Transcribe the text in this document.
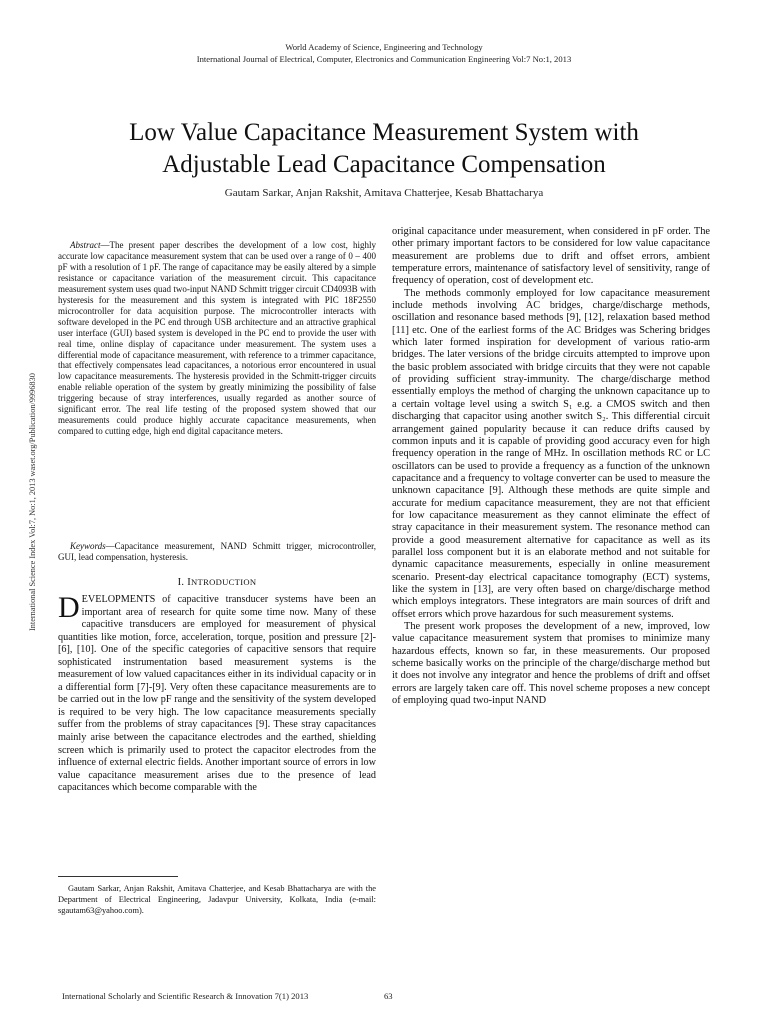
World Academy of Science, Engineering and Technology
International Journal of Electrical, Computer, Electronics and Communication Engineering Vol:7 No:1, 2013
Low Value Capacitance Measurement System with
Adjustable Lead Capacitance Compensation
Gautam Sarkar, Anjan Rakshit, Amitava Chatterjee, Kesab Bhattacharya
International Science Index Vol:7, No:1, 2013 waset.org/Publication/9996830

Abstract—The present paper describes the development of a low cost, highly accurate low capacitance measurement system that can be used over a range of 0 – 400 pF with a resolution of 1 pF. The range of capacitance may be easily altered by a simple resistance or capacitance variation of the measurement circuit. This capacitance measurement system uses quad two-input NAND Schmitt trigger circuit CD4093B with hysteresis for the measurement and this system is integrated with PIC 18F2550 microcontroller for data acquisition purpose. The microcontroller interacts with software developed in the PC end through USB architecture and an attractive graphical user interface (GUI) based system is developed in the PC end to provide the user with real time, online display of capacitance under measurement. The system uses a differential mode of capacitance measurement, with reference to a trimmer capacitance, that effectively compensates lead capacitances, a notorious error encountered in usual low capacitance measurements. The hysteresis provided in the Schmitt-trigger circuits enable reliable operation of the system by greatly minimizing the possibility of false triggering because of stray interferences, usually regarded as another source of significant error. The real life testing of the proposed system showed that our measurements could produce highly accurate capacitance measurements, when compared to cutting edge, high end digital capacitance meters.

Keywords—Capacitance measurement, NAND Schmitt trigger, microcontroller, GUI, lead compensation, hysteresis.

I. INTRODUCTION

DEVELOPMENTS of capacitive transducer systems have been an important area of research for quite some time now. Many of these capacitive transducers are employed for measurement of physical quantities like motion, force, acceleration, torque, position and pressure [2]-[6], [10]. One of the specific categories of capacitive sensors that require sophisticated instrumentation based measurement systems is the measurement of low valued capacitances either in its individual capacity or in a differential form [7]-[9]. Very often these capacitance measurements are to be carried out in the low pF range and the sensitivity of the system developed is required to be very high. The low capacitance measurements specially suffer from the problems of stray capacitances [9]. These stray capacitances mainly arise between the capacitance electrodes and the earthed, shielding screen which is primarily used to protect the capacitor electrodes from the influence of external electric fields. Another important source of errors in low value capacitance measurement arises due to the presence of lead capacitances which become comparable with the

Gautam Sarkar, Anjan Rakshit, Amitava Chatterjee, and Kesab Bhattacharya are with the Department of Electrical Engineering, Jadavpur University, Kolkata, India (e-mail: sgautam63@yahoo.com).

original capacitance under measurement, when considered in pF order. The other primary important factors to be considered for low value capacitance measurement are problems due to drift and offset errors, ambient temperature errors, maintenance of satisfactory level of sensitivity, range of frequency of operation, cost of development etc.

The methods commonly employed for low capacitance measurement include methods involving AC bridges, charge/discharge methods, oscillation and resonance based methods [9], [12], relaxation based method [11] etc. One of the earliest forms of the AC Bridges was Schering bridges which later formed inspiration for development of various ratio-arm bridges. The later versions of the bridge circuits attempted to improve upon the basic problem associated with bridge circuits that they were not capable of providing sufficient stray-immunity. The charge/discharge method essentially employs the method of charging the unknown capacitance up to a certain voltage level using a switch S₁ e.g. a CMOS switch and then discharging that capacitor using another switch S₂. This differential circuit arrangement gained popularity because it can reduce drifts caused by common inputs and it is capable of providing good accuracy even for high frequency operation in the range of MHz. In oscillation methods RC or LC oscillators can be used to provide a frequency as a function of the unknown capacitance and a frequency to voltage converter can be used to measure the unknown capacitance [9]. Although these methods are quite simple and accurate for medium capacitance measurement, they are not that efficient for low capacitance measurement as they cannot eliminate the effect of stray capacitance in their measurement system. The resonance method can provide a good measurement alternative for capacitance as well as its parallel loss component but it is an elaborate method and not suitable for dynamic capacitance measurements, especially in online measurement scenario. Present-day electrical capacitance tomography (ECT) systems, like the system in [13], are very often based on charge/discharge method which employs integrators. These integrators are main sources of drift and offset errors which prove hazardous for such measurement systems.

The present work proposes the development of a new, improved, low value capacitance measurement system that promises to minimize many hazardous effects, known so far, in these measurements. Our proposed scheme basically works on the principle of the charge/discharge method but it does not involve any integrator and hence the problems of drift and offset errors are largely taken care off. This novel scheme proposes a new concept of employing quad two-input NAND

International Scholarly and Scientific Research & Innovation 7(1) 2013	63
